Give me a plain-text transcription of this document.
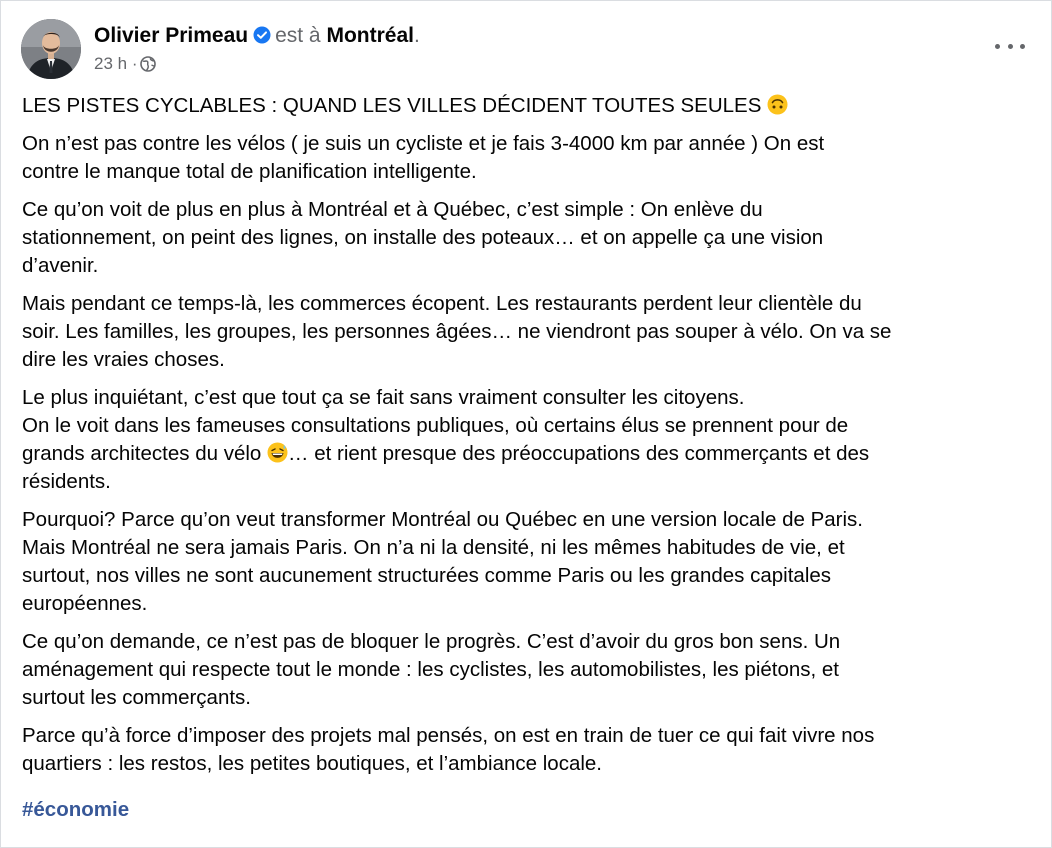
Olivier Primeau est à Montréal.
23 h ·

LES PISTES CYCLABLES : QUAND LES VILLES DÉCIDENT TOUTES SEULES

On n’est pas contre les vélos ( je suis un cycliste et je fais 3-4000 km par année ) On est
contre le manque total de planification intelligente.

Ce qu’on voit de plus en plus à Montréal et à Québec, c’est simple : On enlève du
stationnement, on peint des lignes, on installe des poteaux… et on appelle ça une vision
d’avenir.

Mais pendant ce temps-là, les commerces écopent. Les restaurants perdent leur clientèle du
soir. Les familles, les groupes, les personnes âgées… ne viendront pas souper à vélo. On va se
dire les vraies choses.

Le plus inquiétant, c’est que tout ça se fait sans vraiment consulter les citoyens.
On le voit dans les fameuses consultations publiques, où certains élus se prennent pour de
grands architectes du vélo … et rient presque des préoccupations des commerçants et des
résidents.

Pourquoi? Parce qu’on veut transformer Montréal ou Québec en une version locale de Paris.
Mais Montréal ne sera jamais Paris. On n’a ni la densité, ni les mêmes habitudes de vie, et
surtout, nos villes ne sont aucunement structurées comme Paris ou les grandes capitales
européennes.

Ce qu’on demande, ce n’est pas de bloquer le progrès. C’est d’avoir du gros bon sens. Un
aménagement qui respecte tout le monde : les cyclistes, les automobilistes, les piétons, et
surtout les commerçants.

Parce qu’à force d’imposer des projets mal pensés, on est en train de tuer ce qui fait vivre nos
quartiers : les restos, les petites boutiques, et l’ambiance locale.

#économie
